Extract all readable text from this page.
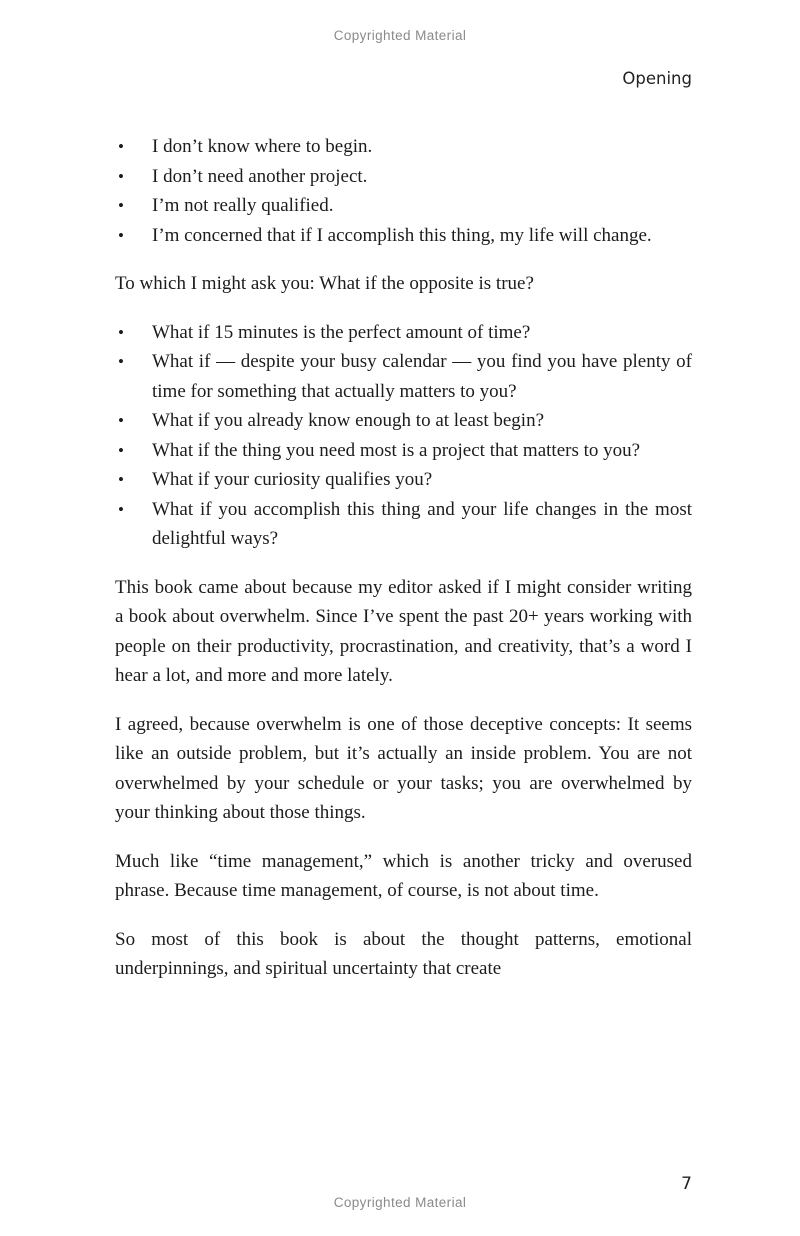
Copyrighted Material
Opening
• I don’t know where to begin.
• I don’t need another project.
• I’m not really qualified.
• I’m concerned that if I accomplish this thing, my life will change.

To which I might ask you: What if the opposite is true?

• What if 15 minutes is the perfect amount of time?
• What if — despite your busy calendar — you find you have plenty of time for something that actually matters to you?
• What if you already know enough to at least begin?
• What if the thing you need most is a project that matters to you?
• What if your curiosity qualifies you?
• What if you accomplish this thing and your life changes in the most delightful ways?

This book came about because my editor asked if I might consider writing a book about overwhelm. Since I’ve spent the past 20+ years working with people on their productivity, procrastination, and creativity, that’s a word I hear a lot, and more and more lately.

I agreed, because overwhelm is one of those deceptive concepts: It seems like an outside problem, but it’s actually an inside problem. You are not overwhelmed by your schedule or your tasks; you are overwhelmed by your thinking about those things.

Much like “time management,” which is another tricky and overused phrase. Because time management, of course, is not about time.

So most of this book is about the thought patterns, emotional underpinnings, and spiritual uncertainty that create

7
Copyrighted Material
